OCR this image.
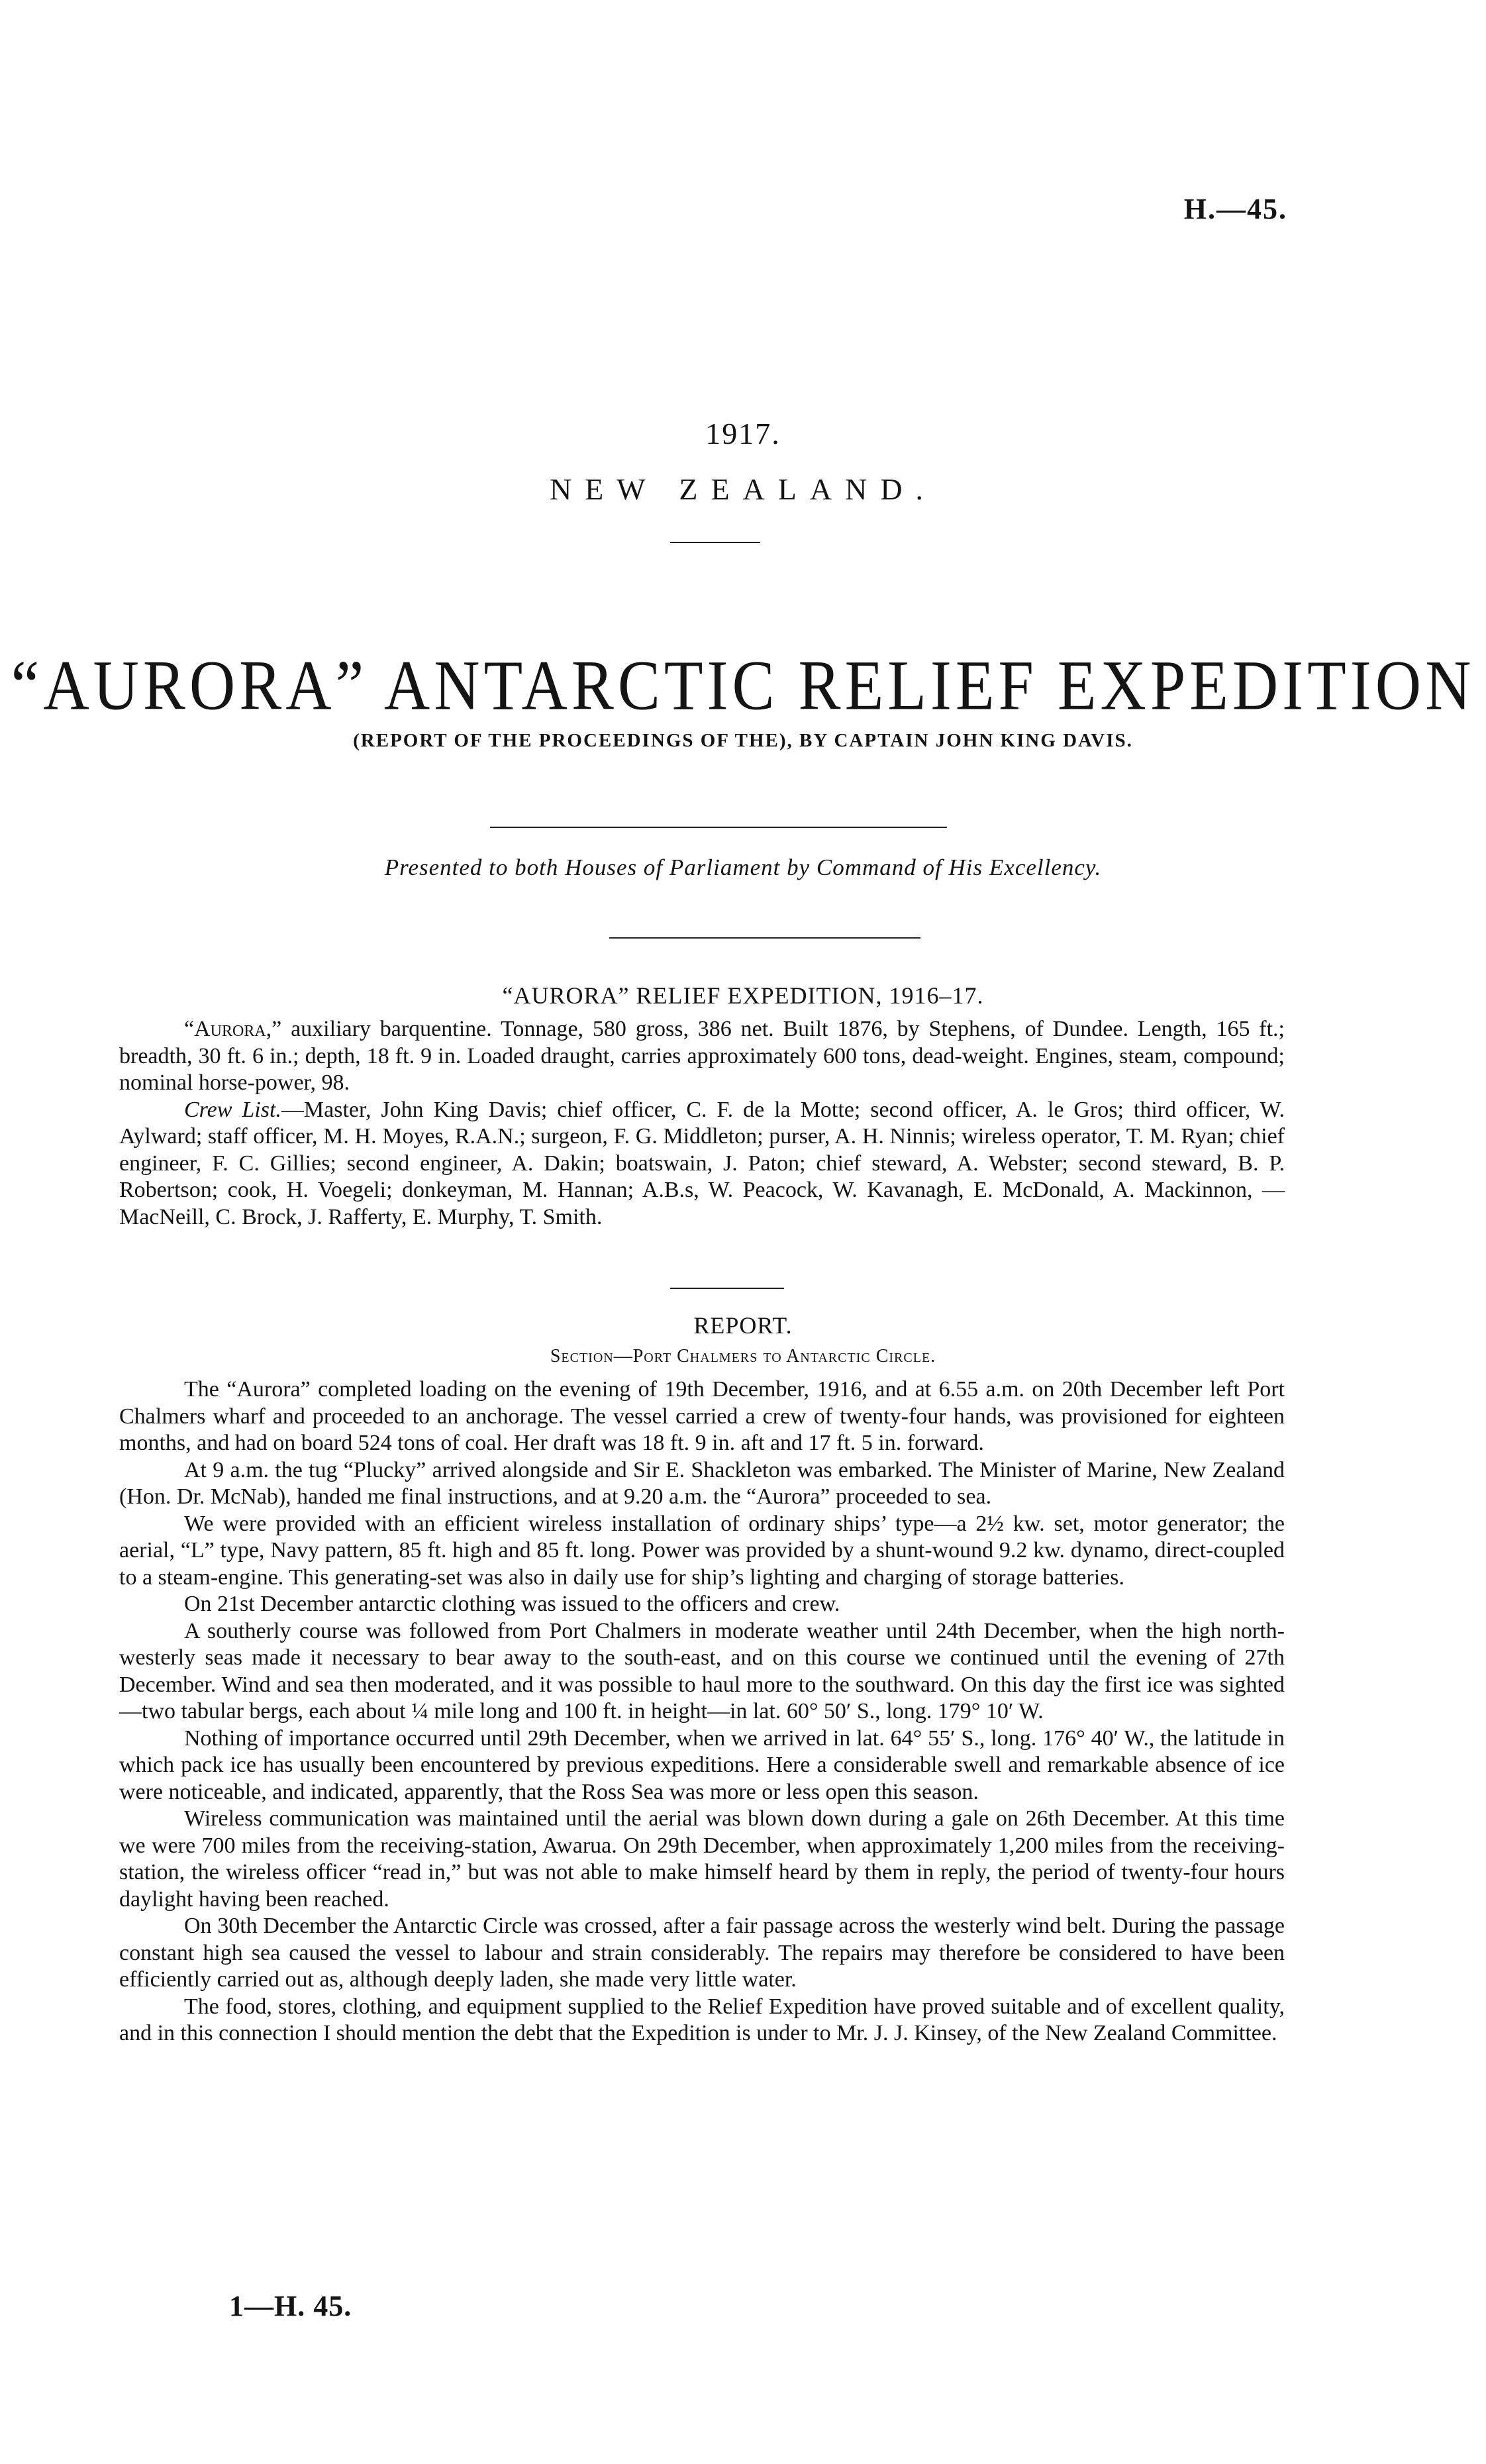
H.—45.
1917.
NEW ZEALAND.
“AURORA” ANTARCTIC RELIEF EXPEDITION
(REPORT OF THE PROCEEDINGS OF THE), BY CAPTAIN JOHN KING DAVIS.
Presented to both Houses of Parliament by Command of His Excellency.
“AURORA” RELIEF EXPEDITION, 1916–17.

“Aurora,” auxiliary barquentine. Tonnage, 580 gross, 386 net. Built 1876, by Stephens, of Dundee. Length, 165 ft.; breadth, 30 ft. 6 in.; depth, 18 ft. 9 in. Loaded draught, carries approximately 600 tons, dead-weight. Engines, steam, compound; nominal horse-power, 98.

Crew List.—Master, John King Davis; chief officer, C. F. de la Motte; second officer, A. le Gros; third officer, W. Aylward; staff officer, M. H. Moyes, R.A.N.; surgeon, F. G. Middleton; purser, A. H. Ninnis; wireless operator, T. M. Ryan; chief engineer, F. C. Gillies; second engineer, A. Dakin; boatswain, J. Paton; chief steward, A. Webster; second steward, B. P. Robertson; cook, H. Voegeli; donkeyman, M. Hannan; A.B.s, W. Peacock, W. Kavanagh, E. McDonald, A. Mackinnon, — MacNeill, C. Brock, J. Rafferty, E. Murphy, T. Smith.

REPORT.
Section—Port Chalmers to Antarctic Circle.

The “Aurora” completed loading on the evening of 19th December, 1916, and at 6.55 a.m. on 20th December left Port Chalmers wharf and proceeded to an anchorage. The vessel carried a crew of twenty-four hands, was provisioned for eighteen months, and had on board 524 tons of coal. Her draft was 18 ft. 9 in. aft and 17 ft. 5 in. forward.

At 9 a.m. the tug “Plucky” arrived alongside and Sir E. Shackleton was embarked. The Minister of Marine, New Zealand (Hon. Dr. McNab), handed me final instructions, and at 9.20 a.m. the “Aurora” proceeded to sea.

We were provided with an efficient wireless installation of ordinary ships’ type—a 2½ kw. set, motor generator; the aerial, “L” type, Navy pattern, 85 ft. high and 85 ft. long. Power was provided by a shunt-wound 9.2 kw. dynamo, direct-coupled to a steam-engine. This generating-set was also in daily use for ship’s lighting and charging of storage batteries.

On 21st December antarctic clothing was issued to the officers and crew.

A southerly course was followed from Port Chalmers in moderate weather until 24th December, when the high north-westerly seas made it necessary to bear away to the south-east, and on this course we continued until the evening of 27th December. Wind and sea then moderated, and it was possible to haul more to the southward. On this day the first ice was sighted—two tabular bergs, each about ¼ mile long and 100 ft. in height—in lat. 60° 50′ S., long. 179° 10′ W.

Nothing of importance occurred until 29th December, when we arrived in lat. 64° 55′ S., long. 176° 40′ W., the latitude in which pack ice has usually been encountered by previous expeditions. Here a considerable swell and remarkable absence of ice were noticeable, and indicated, apparently, that the Ross Sea was more or less open this season.

Wireless communication was maintained until the aerial was blown down during a gale on 26th December. At this time we were 700 miles from the receiving-station, Awarua. On 29th December, when approximately 1,200 miles from the receiving-station, the wireless officer “read in,” but was not able to make himself heard by them in reply, the period of twenty-four hours daylight having been reached.

On 30th December the Antarctic Circle was crossed, after a fair passage across the westerly wind belt. During the passage constant high sea caused the vessel to labour and strain considerably. The repairs may therefore be considered to have been efficiently carried out as, although deeply laden, she made very little water.

The food, stores, clothing, and equipment supplied to the Relief Expedition have proved suitable and of excellent quality, and in this connection I should mention the debt that the Expedition is under to Mr. J. J. Kinsey, of the New Zealand Committee.

1—H. 45.
